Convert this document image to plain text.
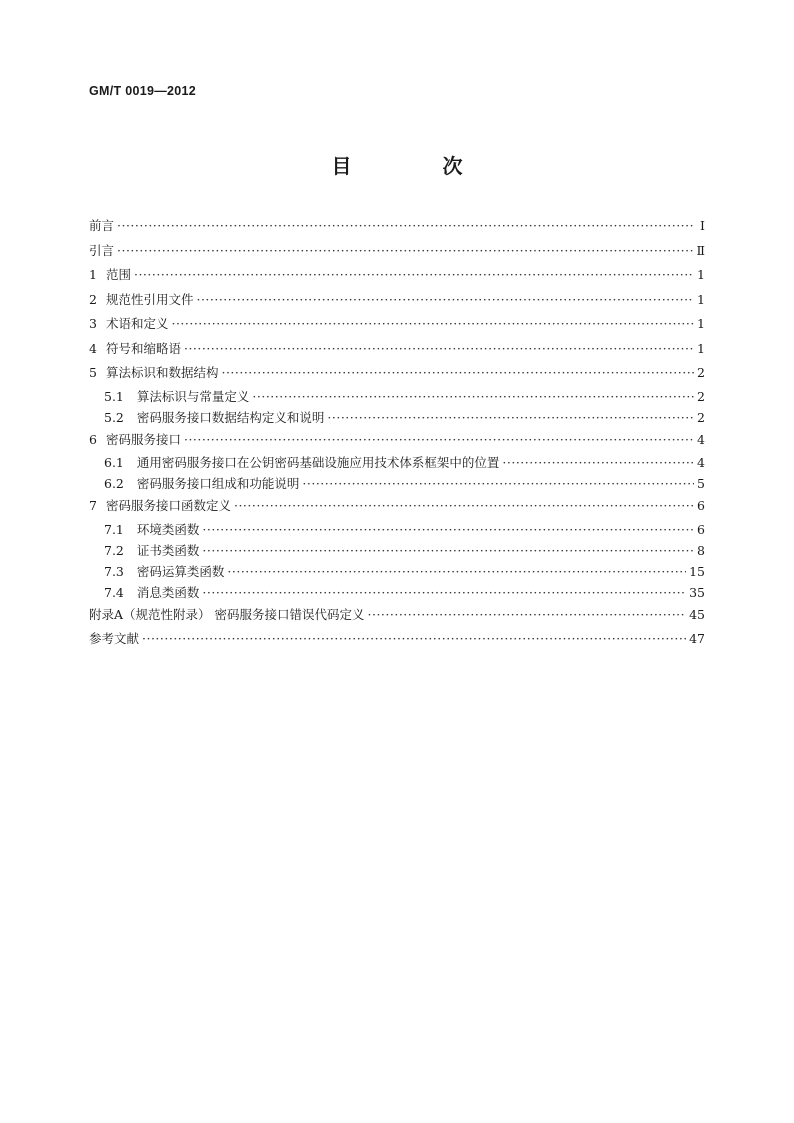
GM/T 0019—2012
目 次
前言 ·····	Ⅰ
引言 ·····	Ⅱ
1 范围 ·····	1
2 规范性引用文件 ·····	1
3 术语和定义 ·····	1
4 符号和缩略语 ·····	1
5 算法标识和数据结构 ·····	2
5.1 算法标识与常量定义 ·····	2
5.2 密码服务接口数据结构定义和说明 ·····	2
6 密码服务接口 ·····	4
6.1 通用密码服务接口在公钥密码基础设施应用技术体系框架中的位置 ·····	4
6.2 密码服务接口组成和功能说明 ·····	5
7 密码服务接口函数定义 ·····	6
7.1 环境类函数 ·····	6
7.2 证书类函数 ·····	8
7.3 密码运算类函数 ·····	15
7.4 消息类函数 ·····	35
附录A（规范性附录） 密码服务接口错误代码定义 ·····	45
参考文献 ·····	47
